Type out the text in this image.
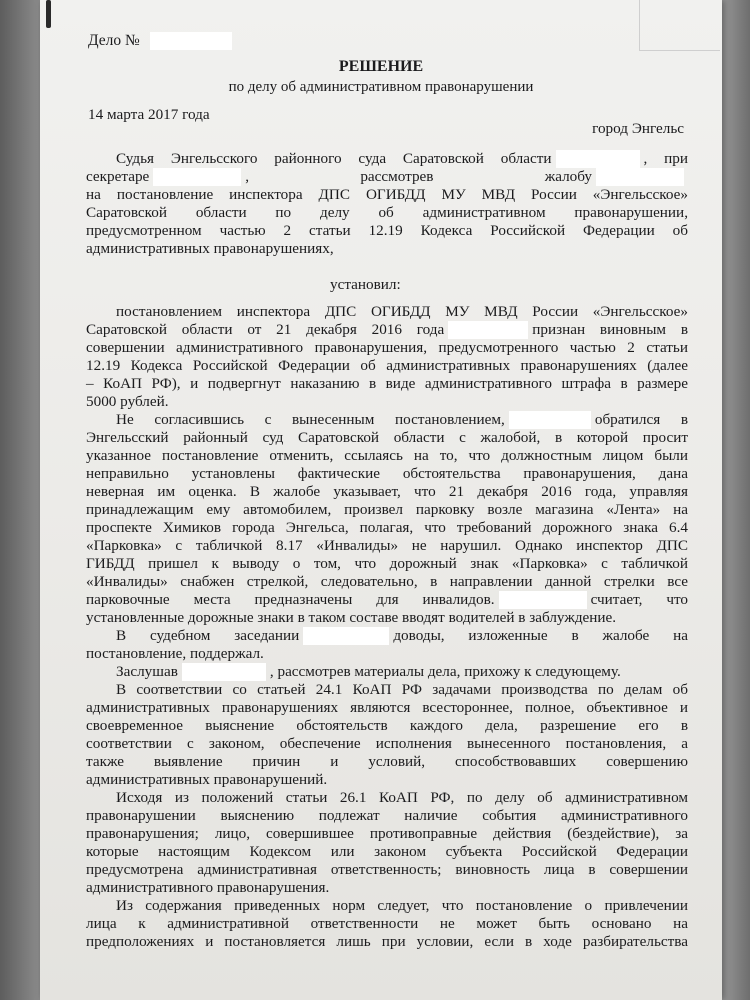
Дело №
РЕШЕНИЕ
по делу об административном правонарушении
14 марта 2017 года
город Энгельс
Судья Энгельсского районного суда Саратовской области	, при
секретаре	, рассмотрев жалобу
на постановление инспектора ДПС ОГИБДД МУ МВД России «Энгельсское»
Саратовской области по делу об административном правонарушении,
предусмотренном частью 2 статьи 12.19 Кодекса Российской Федерации об
административных правонарушениях,
установил:
постановлением инспектора ДПС ОГИБДД МУ МВД России «Энгельсское»
Саратовской области от 21 декабря 2016 года	признан виновным в
совершении административного правонарушения, предусмотренного частью 2 статьи
12.19 Кодекса Российской Федерации об административных правонарушениях (далее
– КоАП РФ), и подвергнут наказанию в виде административного штрафа в размере
5000 рублей.
Не согласившись с вынесенным постановлением,	обратился в
Энгельсский районный суд Саратовской области с жалобой, в которой просит
указанное постановление отменить, ссылаясь на то, что должностным лицом были
неправильно установлены фактические обстоятельства правонарушения, дана
неверная им оценка. В жалобе указывает, что 21 декабря 2016 года, управляя
принадлежащим ему автомобилем, произвел парковку возле магазина «Лента» на
проспекте Химиков города Энгельса, полагая, что требований дорожного знака 6.4
«Парковка» с табличкой 8.17 «Инвалиды» не нарушил. Однако инспектор ДПС
ГИБДД пришел к выводу о том, что дорожный знак «Парковка» с табличкой
«Инвалиды» снабжен стрелкой, следовательно, в направлении данной стрелки все
парковочные места предназначены для инвалидов.	считает, что
установленные дорожные знаки в таком составе вводят водителей в заблуждение.
В судебном заседании	доводы, изложенные в жалобе на
постановление, поддержал.
Заслушав	, рассмотрев материалы дела, прихожу к следующему.
В соответствии со статьей 24.1 КоАП РФ задачами производства по делам об
административных правонарушениях являются всестороннее, полное, объективное и
своевременное выяснение обстоятельств каждого дела, разрешение его в
соответствии с законом, обеспечение исполнения вынесенного постановления, а
также выявление причин и условий, способствовавших совершению
административных правонарушений.
Исходя из положений статьи 26.1 КоАП РФ, по делу об административном
правонарушении выяснению подлежат наличие события административного
правонарушения; лицо, совершившее противоправные действия (бездействие), за
которые настоящим Кодексом или законом субъекта Российской Федерации
предусмотрена административная ответственность; виновность лица в совершении
административного правонарушения.
Из содержания приведенных норм следует, что постановление о привлечении
лица к административной ответственности не может быть основано на
предположениях и постановляется лишь при условии, если в ходе разбирательства
